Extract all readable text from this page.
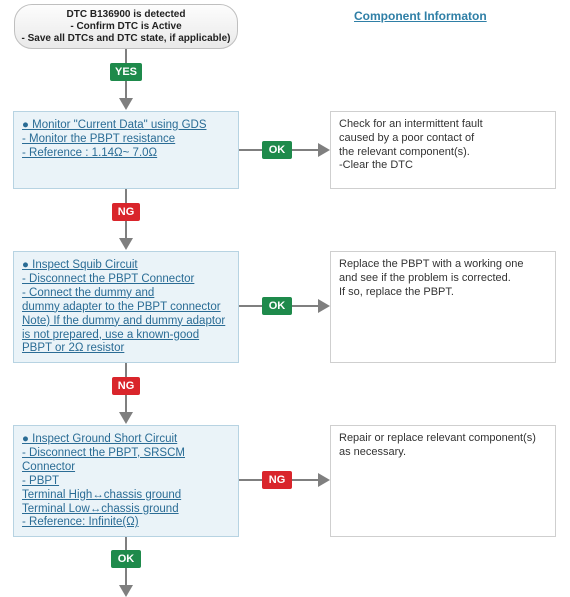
DTC B136900 is detected
- Confirm DTC is Active
- Save all DTCs and DTC state, if applicable)
Component Informaton
YES
● Monitor "Current Data" using GDS
- Monitor the PBPT resistance
- Reference : 1.14Ω~ 7.0Ω	OK
Check for an intermittent fault
caused by a poor contact of
the relevant component(s).
-Clear the DTC
NG
● Inspect Squib Circuit
- Disconnect the PBPT Connector
- Connect the dummy and
dummy adapter to the PBPT connector
Note) If the dummy and dummy adaptor
is not prepared, use a known-good
PBPT or 2Ω resistor
OK
Replace the PBPT with a working one
and see if the problem is corrected.
If so, replace the PBPT.
NG
● Inspect Ground Short Circuit
- Disconnect the PBPT, SRSCM
Connector
- PBPT
Terminal High↔chassis ground
Terminal Low↔chassis ground
- Reference: Infinite(Ω)
NG
Repair or replace relevant component(s)
as necessary.
OK
